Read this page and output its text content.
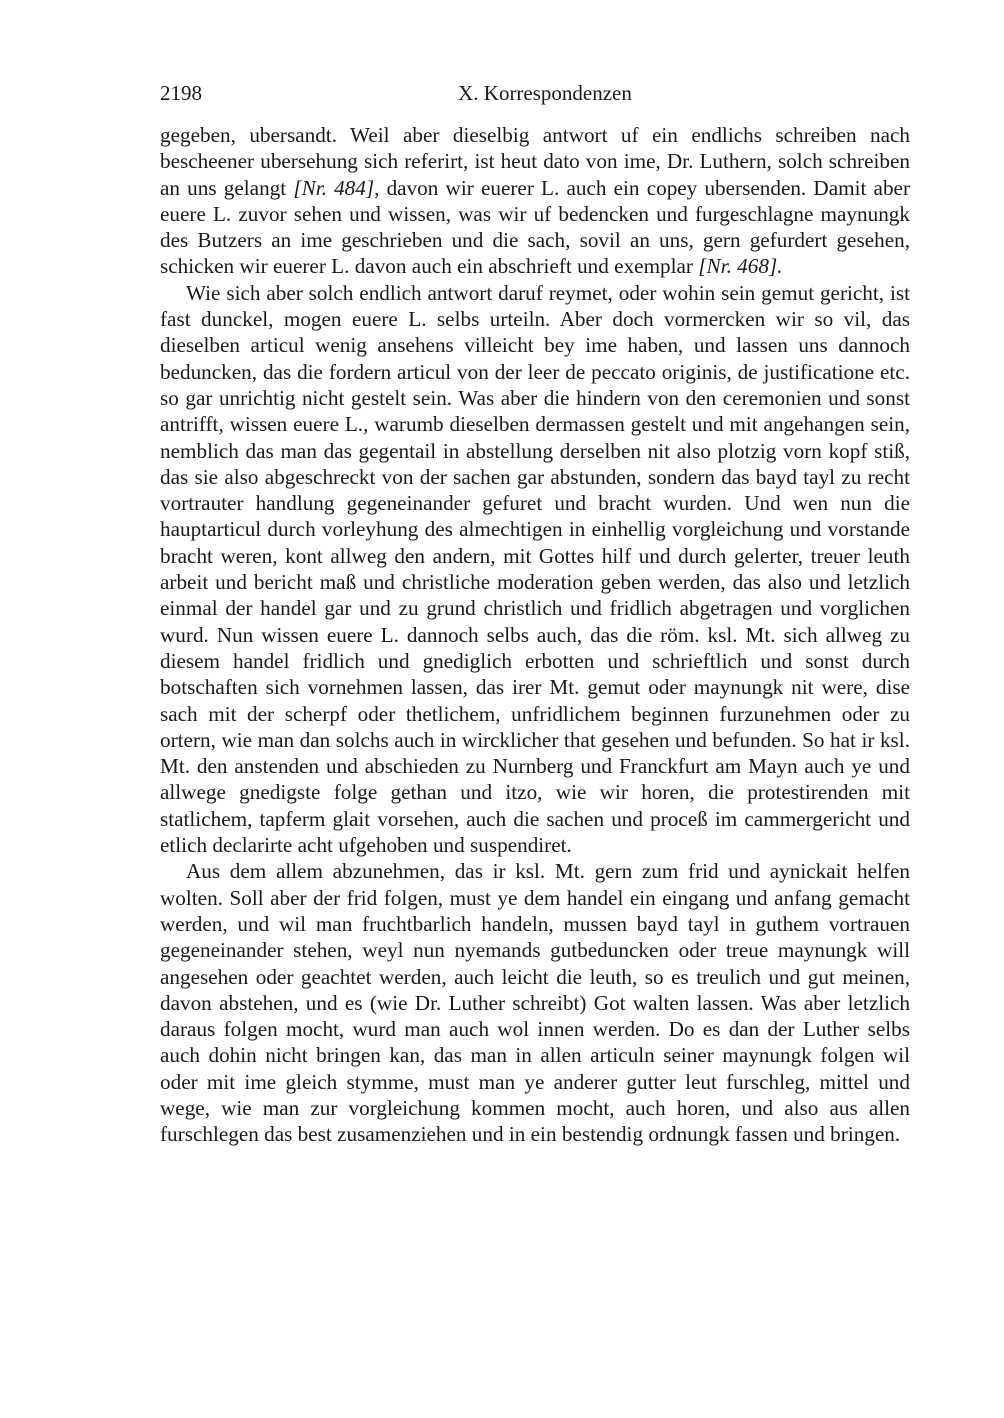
2198	X. Korrespondenzen

gegeben, ubersandt. Weil aber dieselbig antwort uf ein endlichs schreiben nach bescheener ubersehung sich referirt, ist heut dato von ime, Dr. Luthern, solch schreiben an uns gelangt [Nr. 484], davon wir euerer L. auch ein copey ubersenden. Damit aber euere L. zuvor sehen und wissen, was wir uf bedencken und furgeschlagne maynungk des Butzers an ime geschrieben und die sach, sovil an uns, gern gefurdert gesehen, schicken wir euerer L. davon auch ein abschrieft und exemplar [Nr. 468].

Wie sich aber solch endlich antwort daruf reymet, oder wohin sein gemut gericht, ist fast dunckel, mogen euere L. selbs urteiln. Aber doch vormercken wir so vil, das dieselben articul wenig ansehens villeicht bey ime haben, und lassen uns dannoch beduncken, das die fordern articul von der leer de peccato originis, de justificatione etc. so gar unrichtig nicht gestelt sein. Was aber die hindern von den ceremonien und sonst antrifft, wissen euere L., warumb dieselben dermassen gestelt und mit angehangen sein, nemblich das man das gegentail in abstellung derselben nit also plotzig vorn kopf stiß, das sie also abgeschreckt von der sachen gar abstunden, sondern das bayd tayl zu recht vortrauter handlung gegeneinander gefuret und bracht wurden. Und wen nun die hauptarticul durch vorleyhung des almechtigen in einhellig vorgleichung und vorstande bracht weren, kont allweg den andern, mit Gottes hilf und durch gelerter, treuer leuth arbeit und bericht maß und christliche moderation geben werden, das also und letzlich einmal der handel gar und zu grund christlich und fridlich abgetragen und vorglichen wurd. Nun wissen euere L. dannoch selbs auch, das die röm. ksl. Mt. sich allweg zu diesem handel fridlich und gnediglich erbotten und schrieftlich und sonst durch botschaften sich vornehmen lassen, das irer Mt. gemut oder maynungk nit were, dise sach mit der scherpf oder thetlichem, unfridlichem beginnen furzunehmen oder zu ortern, wie man dan solchs auch in wircklicher that gesehen und befunden. So hat ir ksl. Mt. den anstenden und abschieden zu Nurnberg und Franckfurt am Mayn auch ye und allwege gnedigste folge gethan und itzo, wie wir horen, die protestirenden mit statlichem, tapferm glait vorsehen, auch die sachen und proceß im cammergericht und etlich declarirte acht ufgehoben und suspendiret.

Aus dem allem abzunehmen, das ir ksl. Mt. gern zum frid und aynickait helfen wolten. Soll aber der frid folgen, must ye dem handel ein eingang und anfang gemacht werden, und wil man fruchtbarlich handeln, mussen bayd tayl in guthem vortrauen gegeneinander stehen, weyl nun nyemands gutbeduncken oder treue maynungk will angesehen oder geachtet werden, auch leicht die leuth, so es treulich und gut meinen, davon abstehen, und es (wie Dr. Luther schreibt) Got walten lassen. Was aber letzlich daraus folgen mocht, wurd man auch wol innen werden. Do es dan der Luther selbs auch dohin nicht bringen kan, das man in allen articuln seiner maynungk folgen wil oder mit ime gleich stymme, must man ye anderer gutter leut furschleg, mittel und wege, wie man zur vorgleichung kommen mocht, auch horen, und also aus allen furschlegen das best zusamenziehen und in ein bestendig ordnungk fassen und bringen.
